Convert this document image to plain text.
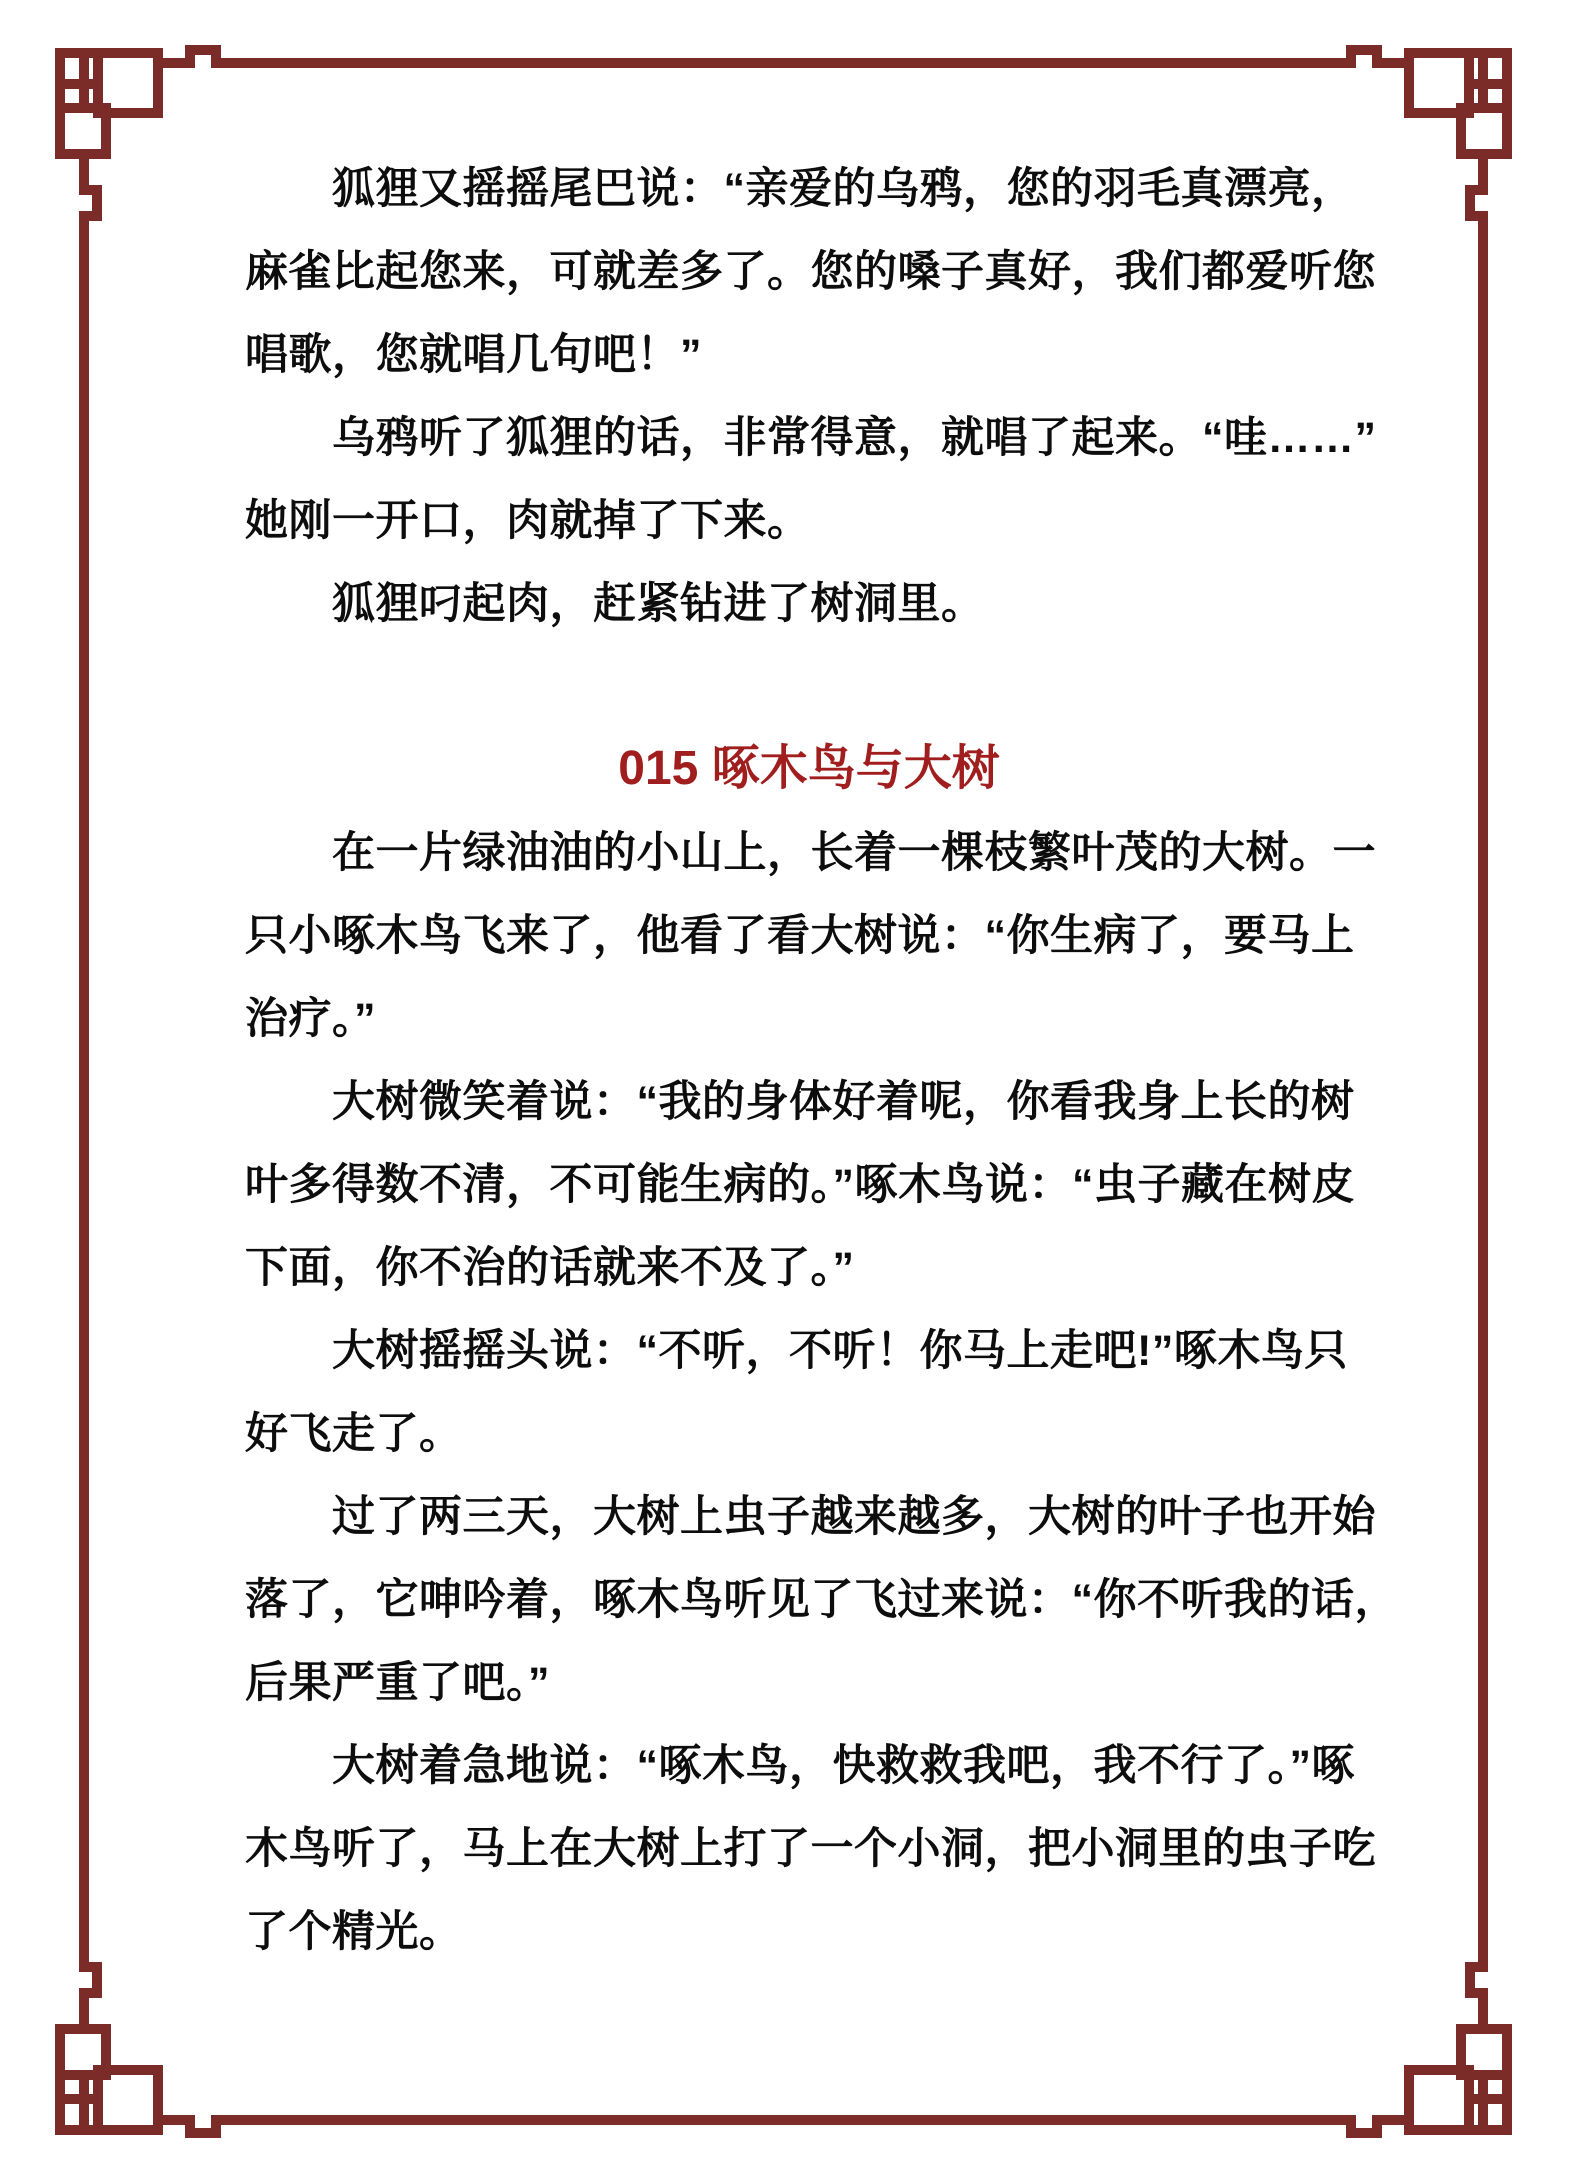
　　狐狸又摇摇尾巴说：“亲爱的乌鸦，您的羽毛真漂亮，
麻雀比起您来，可就差多了。您的嗓子真好，我们都爱听您
唱歌，您就唱几句吧！”
　　乌鸦听了狐狸的话，非常得意，就唱了起来。“哇……”
她刚一开口，肉就掉了下来。
　　狐狸叼起肉，赶紧钻进了树洞里。
015 啄木鸟与大树
　　在一片绿油油的小山上，长着一棵枝繁叶茂的大树。一
只小啄木鸟飞来了，他看了看大树说：“你生病了，要马上
治疗。”
　　大树微笑着说：“我的身体好着呢，你看我身上长的树
叶多得数不清，不可能生病的。”啄木鸟说：“虫子藏在树皮
下面，你不治的话就来不及了。”
　　大树摇摇头说：“不听，不听！你马上走吧!”啄木鸟只
好飞走了。
　　过了两三天，大树上虫子越来越多，大树的叶子也开始
落了，它呻吟着，啄木鸟听见了飞过来说：“你不听我的话，
后果严重了吧。”
　　大树着急地说：“啄木鸟，快救救我吧，我不行了。”啄
木鸟听了，马上在大树上打了一个小洞，把小洞里的虫子吃
了个精光。
